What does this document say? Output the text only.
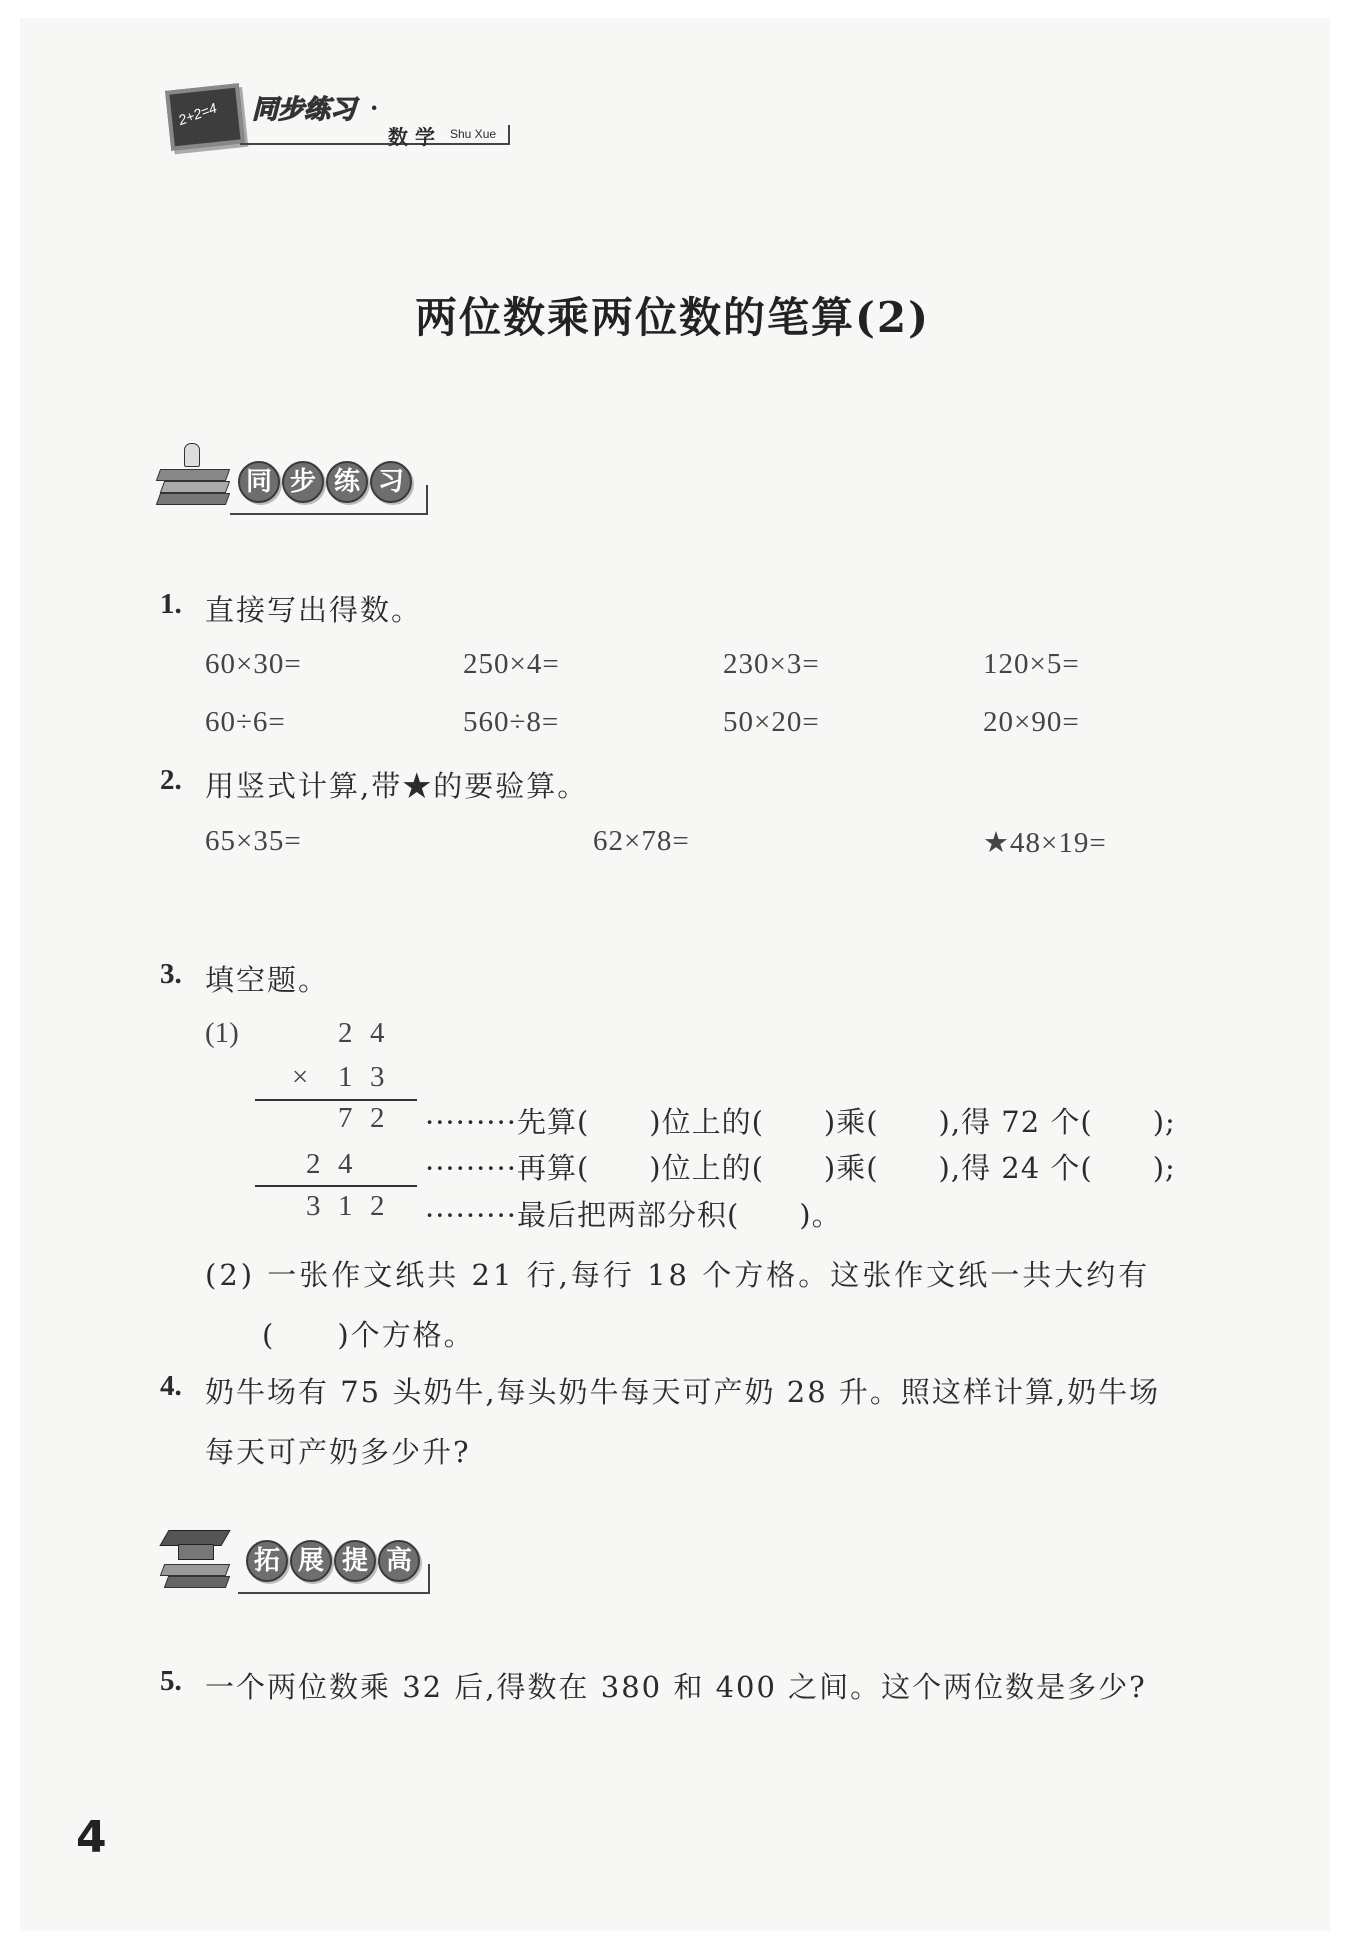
2+2=4 同步练习 ·
数 学 Shu Xue
两位数乘两位数的笔算(2)
同 步 练 习
1. 直接写出得数。
60×30=	250×4=	230×3=	120×5=
60÷6=	560÷8=	50×20=	20×90=
2. 用竖式计算,带★的要验算。
65×35=	62×78=	★48×19=
3. 填空题。
(1)	2 4
× 1 3
7 2
2 4
3 1 2
·········先算(　　)位上的(　　)乘(　　),得 72 个(　　);
·········再算(　　)位上的(　　)乘(　　),得 24 个(　　);
·········最后把两部分积(　　)。
(2) 一张作文纸共 21 行,每行 18 个方格。这张作文纸一共大约有
(　　)个方格。
4. 奶牛场有 75 头奶牛,每头奶牛每天可产奶 28 升。照这样计算,奶牛场
每天可产奶多少升?
拓 展 提 高
5. 一个两位数乘 32 后,得数在 380 和 400 之间。这个两位数是多少?
4
